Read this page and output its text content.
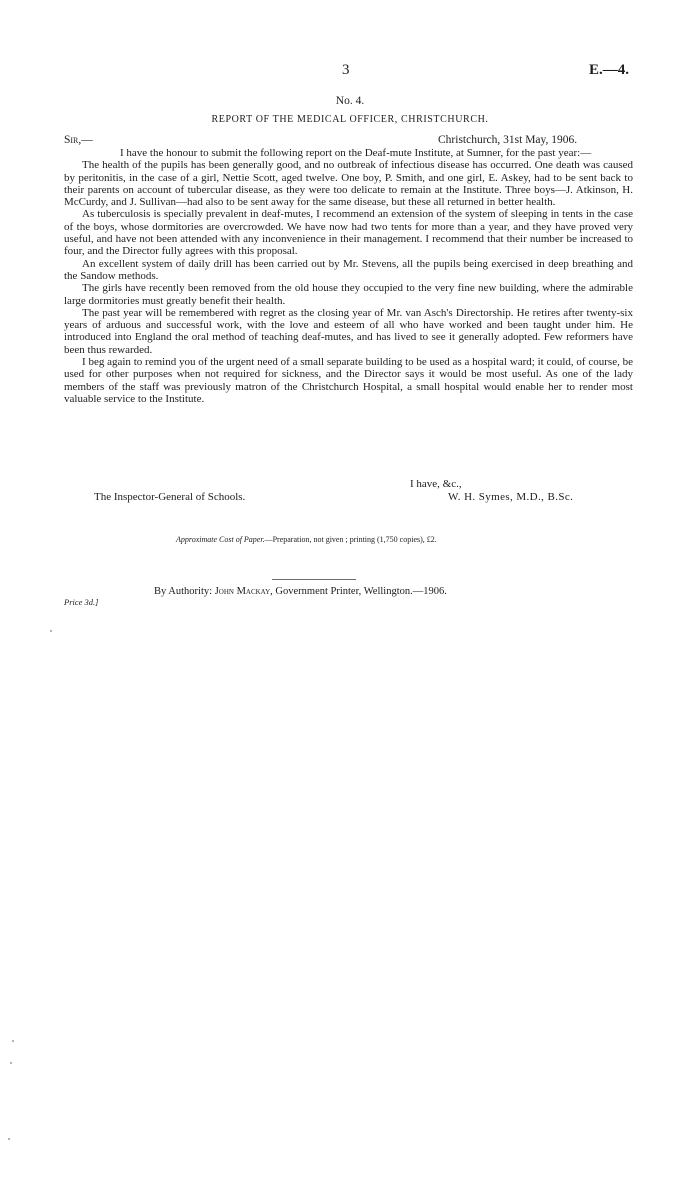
3	E.—4.
No. 4.
REPORT OF THE MEDICAL OFFICER, CHRISTCHURCH.
Sir,—	Christchurch, 31st May, 1906.

I have the honour to submit the following report on the Deaf-mute Institute, at Sumner, for the past year:—

The health of the pupils has been generally good, and no outbreak of infectious disease has occurred. One death was caused by peritonitis, in the case of a girl, Nettie Scott, aged twelve. One boy, P. Smith, and one girl, E. Askey, had to be sent back to their parents on account of tubercular disease, as they were too delicate to remain at the Institute. Three boys—J. Atkinson, H. McCurdy, and J. Sullivan—had also to be sent away for the same disease, but these all returned in better health.

As tuberculosis is specially prevalent in deaf-mutes, I recommend an extension of the system of sleeping in tents in the case of the boys, whose dormitories are overcrowded. We have now had two tents for more than a year, and they have proved very useful, and have not been attended with any inconvenience in their management. I recommend that their number be increased to four, and the Director fully agrees with this proposal.

An excellent system of daily drill has been carried out by Mr. Stevens, all the pupils being exercised in deep breathing and the Sandow methods.

The girls have recently been removed from the old house they occupied to the very fine new building, where the admirable large dormitories must greatly benefit their health.

The past year will be remembered with regret as the closing year of Mr. van Asch's Directorship. He retires after twenty-six years of arduous and successful work, with the love and esteem of all who have worked and been taught under him. He introduced into England the oral method of teaching deaf-mutes, and has lived to see it generally adopted. Few reformers have been thus rewarded.

I beg again to remind you of the urgent need of a small separate building to be used as a hospital ward; it could, of course, be used for other purposes when not required for sickness, and the Director says it would be most useful. As one of the lady members of the staff was previously matron of the Christchurch Hospital, a small hospital would enable her to render most valuable service to the Institute.

I have, &c.,
The Inspector-General of Schools.	W. H. Symes, M.D., B.Sc.
Approximate Cost of Paper.—Preparation, not given ; printing (1,750 copies), £2.
By Authority: John Mackay, Government Printer, Wellington.—1906.
Price 3d.]
